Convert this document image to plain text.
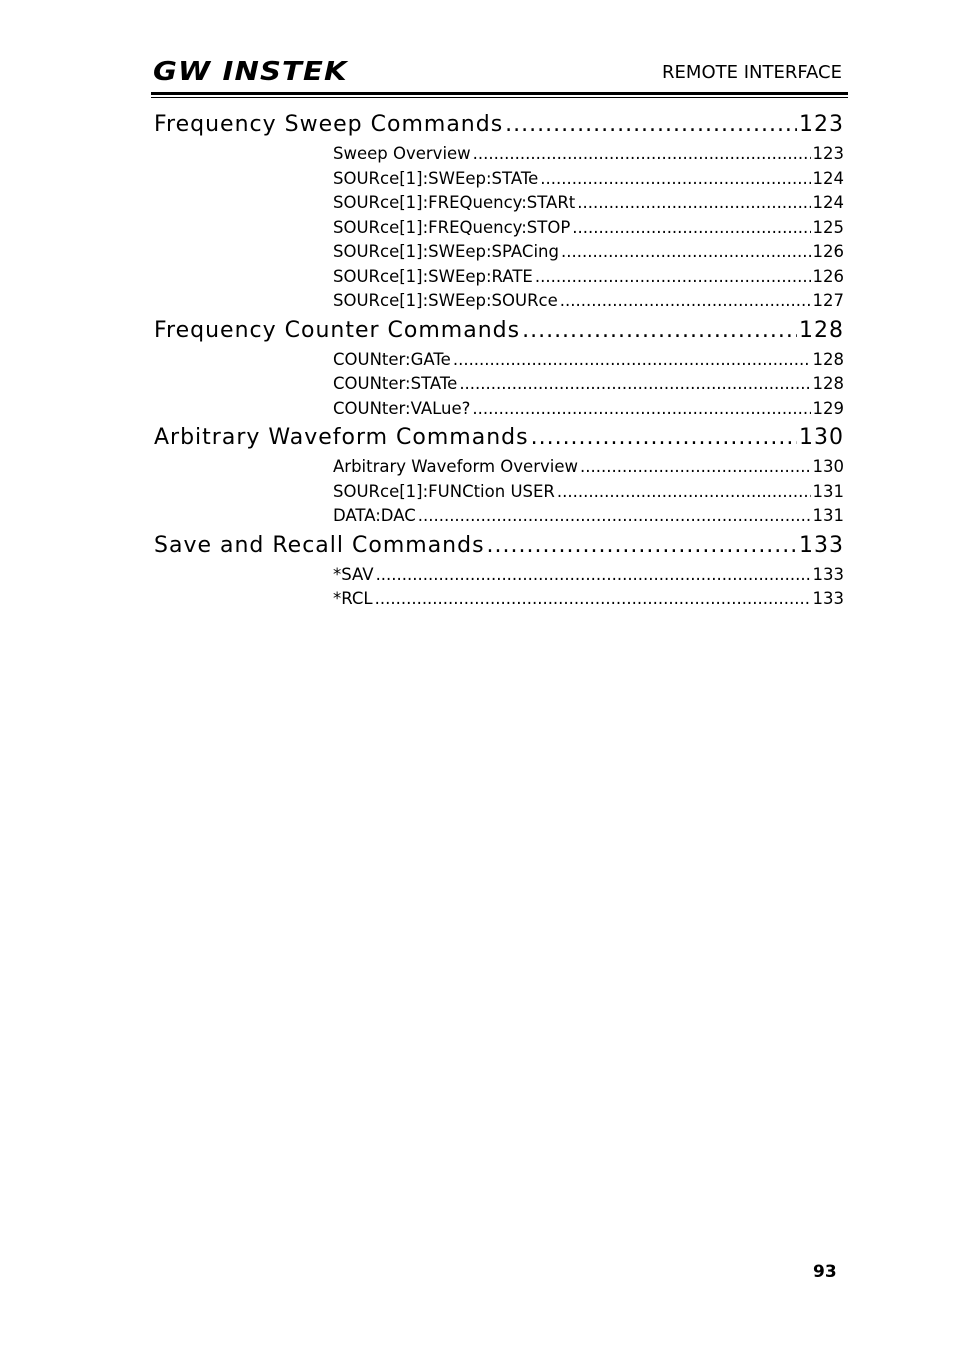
GW INSTEK	REMOTE INTERFACE
Frequency Sweep Commands .....	123
Sweep Overview .....	123
SOURce[1]:SWEep:STATe .....	124
SOURce[1]:FREQuency:STARt .....	124
SOURce[1]:FREQuency:STOP .....	125
SOURce[1]:SWEep:SPACing .....	126
SOURce[1]:SWEep:RATE .....	126
SOURce[1]:SWEep:SOURce .....	127
Frequency Counter Commands .....	128
COUNter:GATe .....	128
COUNter:STATe .....	128
COUNter:VALue? .....	129
Arbitrary Waveform Commands .....	130
Arbitrary Waveform Overview .....	130
SOURce[1]:FUNCtion USER .....	131
DATA:DAC .....	131
Save and Recall Commands .....	133
*SAV .....	133
*RCL .....	133
93
